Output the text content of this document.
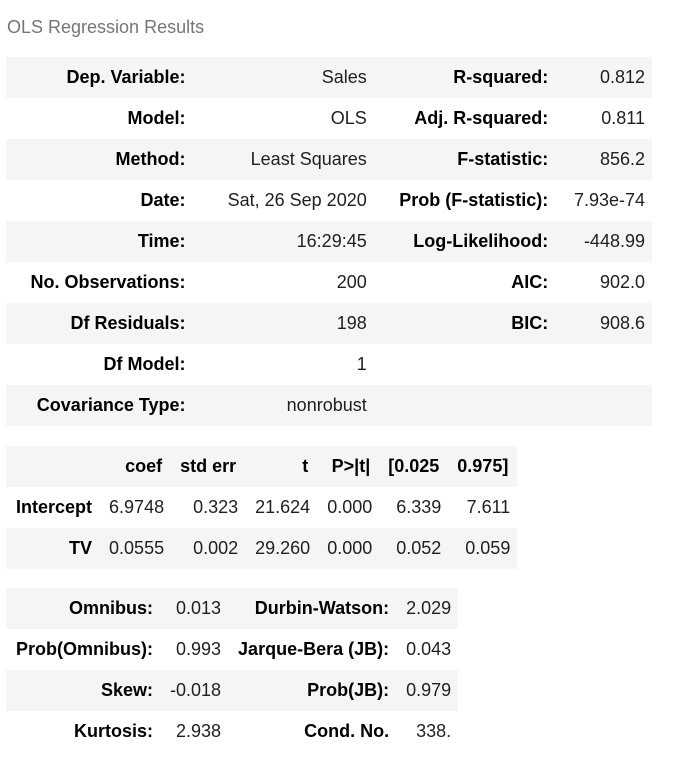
OLS Regression Results
Dep. Variable:	Sales	R-squared:	0.812
Model:	OLS	Adj. R-squared:	0.811
Method:	Least Squares	F-statistic:	856.2
Date:	Sat, 26 Sep 2020	Prob (F-statistic):	7.93e-74
Time:	16:29:45	Log-Likelihood:	-448.99
No. Observations:	200	AIC:	902.0
Df Residuals:	198	BIC:	908.6
Df Model:	1		
Covariance Type:	nonrobust		
	coef	std err	t	P>|t|	[0.025	0.975]
Intercept	6.9748	0.323	21.624	0.000	6.339	7.611
TV	0.0555	0.002	29.260	0.000	0.052	0.059
Omnibus:	0.013	Durbin-Watson:	2.029
Prob(Omnibus):	0.993	Jarque-Bera (JB):	0.043
Skew:	-0.018	Prob(JB):	0.979
Kurtosis:	2.938	Cond. No.	338.
